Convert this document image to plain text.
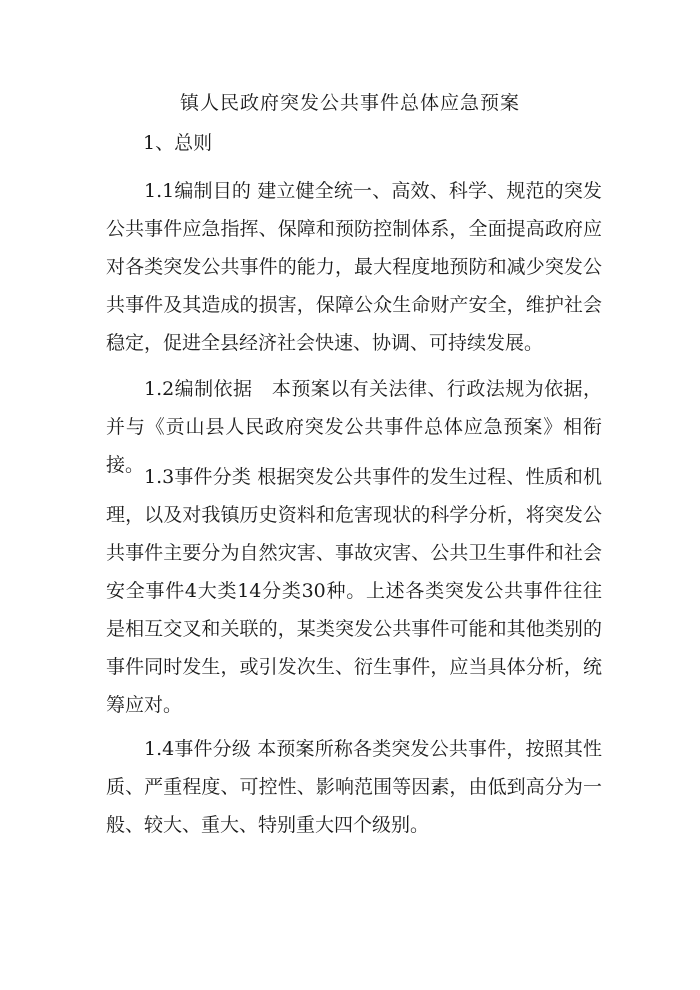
镇人民政府突发公共事件总体应急预案
1、总则

1.1编制目的 建立健全统一、高效、科学、规范的突发公共事件应急指挥、保障和预防控制体系，全面提高政府应对各类突发公共事件的能力，最大程度地预防和减少突发公共事件及其造成的损害，保障公众生命财产安全，维护社会稳定，促进全县经济社会快速、协调、可持续发展。

1.2编制依据　本预案以有关法律、行政法规为依据，并与《贡山县人民政府突发公共事件总体应急预案》相衔接。

1.3事件分类 根据突发公共事件的发生过程、性质和机理，以及对我镇历史资料和危害现状的科学分析，将突发公共事件主要分为自然灾害、事故灾害、公共卫生事件和社会安全事件4大类14分类30种。上述各类突发公共事件往往是相互交叉和关联的，某类突发公共事件可能和其他类别的事件同时发生，或引发次生、衍生事件，应当具体分析，统筹应对。

1.4事件分级 本预案所称各类突发公共事件，按照其性质、严重程度、可控性、影响范围等因素，由低到高分为一般、较大、重大、特别重大四个级别。
